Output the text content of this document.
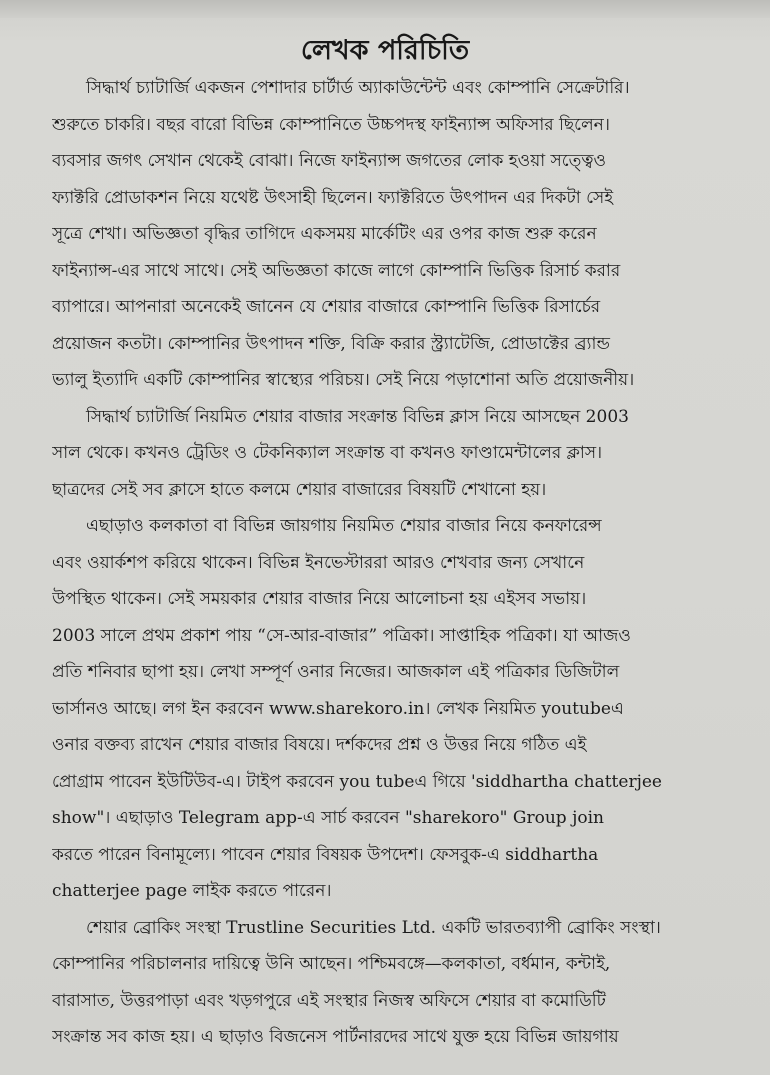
লেখক পরিচিতি

সিদ্ধার্থ চ্যাটার্জি একজন পেশাদার চার্টার্ড অ্যাকাউন্টেন্ট এবং কোম্পানি সেক্রেটারি।
শুরুতে চাকরি। বছর বারো বিভিন্ন কোম্পানিতে উচ্চপদস্থ ফাইন্যান্স অফিসার ছিলেন।
ব্যবসার জগৎ সেখান থেকেই বোঝা। নিজে ফাইন্যান্স জগতের লোক হওয়া সত্ত্বেও
ফ্যাক্টরি প্রোডাকশন নিয়ে যথেষ্ট উৎসাহী ছিলেন। ফ্যাক্টরিতে উৎপাদন এর দিকটা সেই
সূত্রে শেখা। অভিজ্ঞতা বৃদ্ধির তাগিদে একসময় মার্কেটিং এর ওপর কাজ শুরু করেন
ফাইন্যান্স-এর সাথে সাথে। সেই অভিজ্ঞতা কাজে লাগে কোম্পানি ভিত্তিক রিসার্চ করার
ব্যাপারে। আপনারা অনেকেই জানেন যে শেয়ার বাজারে কোম্পানি ভিত্তিক রিসার্চের
প্রয়োজন কতটা। কোম্পানির উৎপাদন শক্তি, বিক্রি করার স্ট্র্যাটেজি, প্রোডাক্টের ব্র্যান্ড
ভ্যালু ইত্যাদি একটি কোম্পানির স্বাস্থ্যের পরিচয়। সেই নিয়ে পড়াশোনা অতি প্রয়োজনীয়।

সিদ্ধার্থ চ্যাটার্জি নিয়মিত শেয়ার বাজার সংক্রান্ত বিভিন্ন ক্লাস নিয়ে আসছেন 2003
সাল থেকে। কখনও ট্রেডিং ও টেকনিক্যাল সংক্রান্ত বা কখনও ফাণ্ডামেন্টালের ক্লাস।
ছাত্রদের সেই সব ক্লাসে হাতে কলমে শেয়ার বাজারের বিষয়টি শেখানো হয়।

এছাড়াও কলকাতা বা বিভিন্ন জায়গায় নিয়মিত শেয়ার বাজার নিয়ে কনফারেন্স
এবং ওয়ার্কশপ করিয়ে থাকেন। বিভিন্ন ইনভেস্টাররা আরও শেখবার জন্য সেখানে
উপস্থিত থাকেন। সেই সময়কার শেয়ার বাজার নিয়ে আলোচনা হয় এইসব সভায়।
2003 সালে প্রথম প্রকাশ পায় “সে-আর-বাজার” পত্রিকা। সাপ্তাহিক পত্রিকা। যা আজও
প্রতি শনিবার ছাপা হয়। লেখা সম্পূর্ণ ওনার নিজের। আজকাল এই পত্রিকার ডিজিটাল
ভার্সানও আছে। লগ ইন করবেন www.sharekoro.in। লেখক নিয়মিত youtubeএ
ওনার বক্তব্য রাখেন শেয়ার বাজার বিষয়ে। দর্শকদের প্রশ্ন ও উত্তর নিয়ে গঠিত এই
প্রোগ্রাম পাবেন ইউটিউব-এ। টাইপ করবেন you tubeএ গিয়ে 'siddhartha chatterjee
show"। এছাড়াও Telegram app-এ সার্চ করবেন "sharekoro" Group join
করতে পারেন বিনামূল্যে। পাবেন শেয়ার বিষয়ক উপদেশ। ফেসবুক-এ siddhartha
chatterjee page লাইক করতে পারেন।

শেয়ার ব্রোকিং সংস্থা Trustline Securities Ltd. একটি ভারতব্যাপী ব্রোকিং সংস্থা।
কোম্পানির পরিচালনার দায়িত্বে উনি আছেন। পশ্চিমবঙ্গে—কলকাতা, বর্ধমান, কন্টাই,
বারাসাত, উত্তরপাড়া এবং খড়গপুরে এই সংস্থার নিজস্ব অফিসে শেয়ার বা কমোডিটি
সংক্রান্ত সব কাজ হয়। এ ছাড়াও বিজনেস পার্টনারদের সাথে যুক্ত হয়ে বিভিন্ন জায়গায়
